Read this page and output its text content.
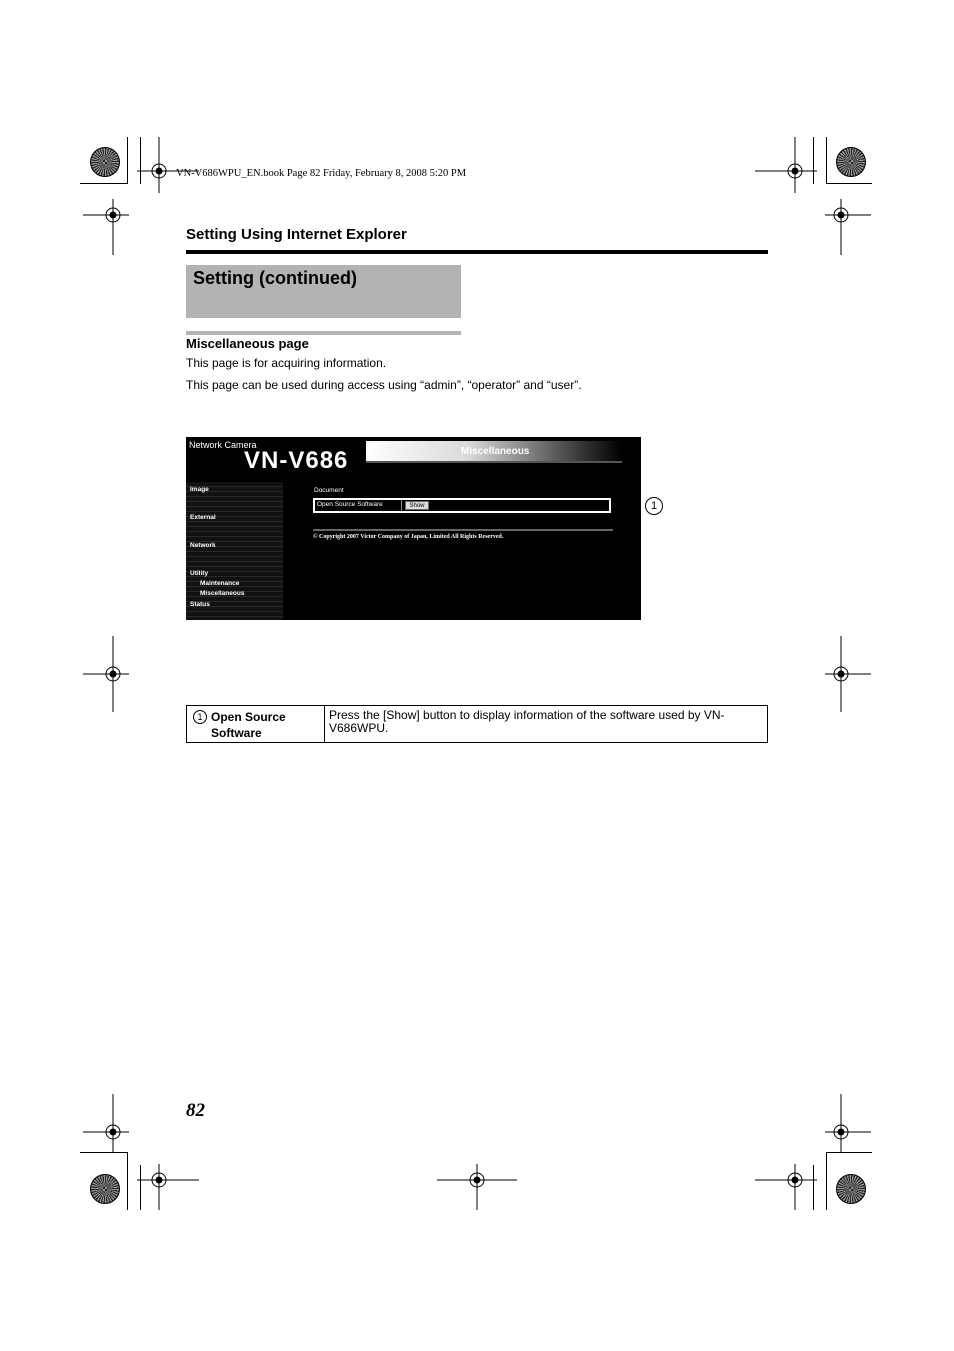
VN-V686WPU_EN.book Page 82 Friday, February 8, 2008 5:20 PM
Setting Using Internet Explorer
Setting (continued)
Miscellaneous page
This page is for acquiring information.
This page can be used during access using “admin”, “operator” and “user”.
Network Camera
VN-V686	Miscellaneous
Image
External
Network
Utility
Maintenance
Miscellaneous
Status
Document
Open Source Software	Show
© Copyright 2007 Victor Company of Japan, Limited All Rights Reserved.
1
1 Open Source Software
Press the [Show] button to display information of the software used by VN-V686WPU.
82
